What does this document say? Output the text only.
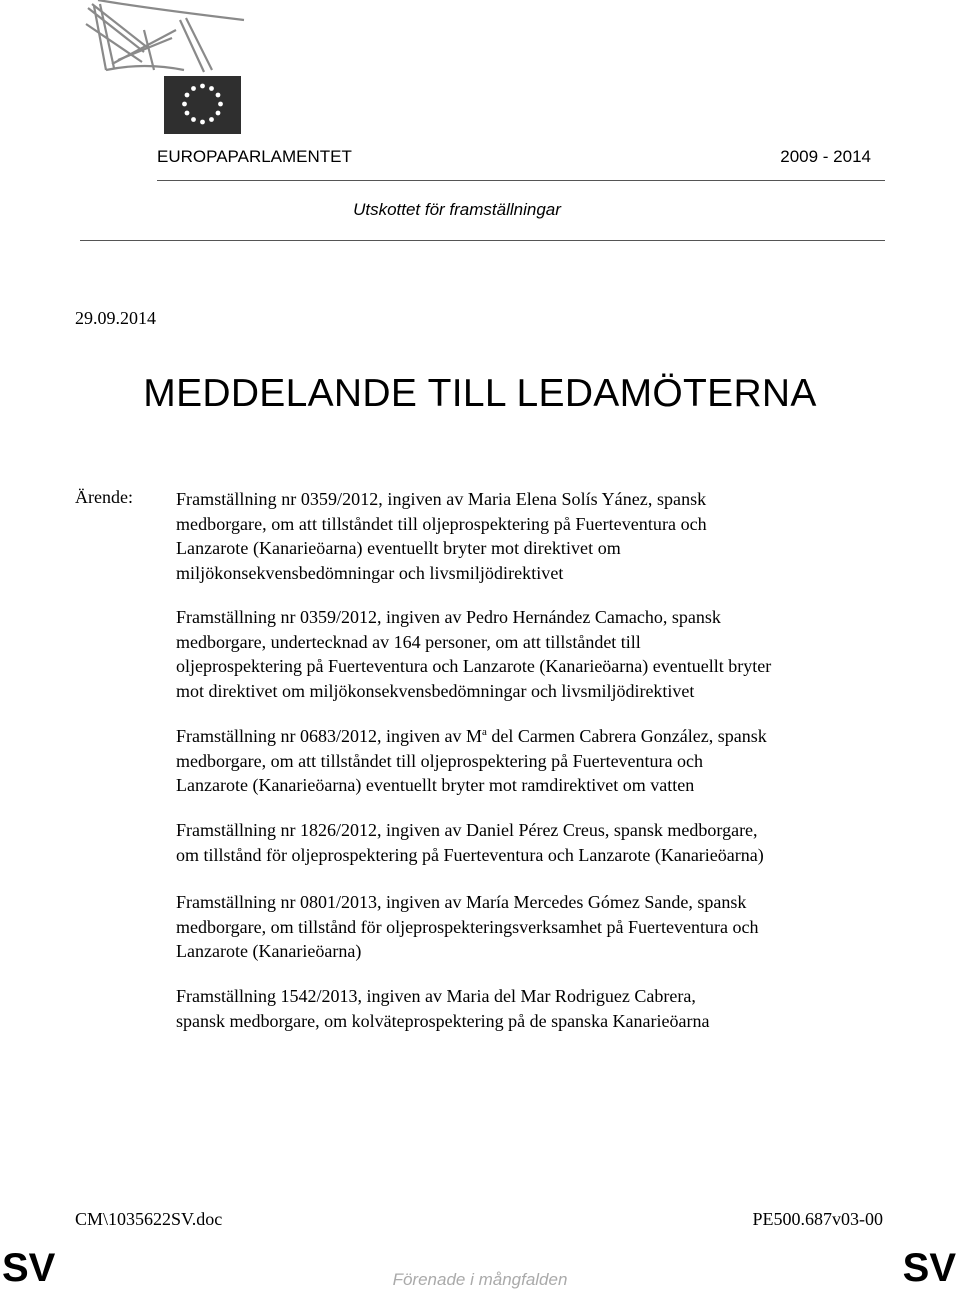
EUROPAPARLAMENTET	2009 - 2014
Utskottet för framställningar
29.09.2014
MEDDELANDE TILL LEDAMÖTERNA
Ärende: Framställning nr 0359/2012, ingiven av Maria Elena Solís Yánez, spansk
medborgare, om att tillståndet till oljeprospektering på Fuerteventura och
Lanzarote (Kanarieöarna) eventuellt bryter mot direktivet om
miljökonsekvensbedömningar och livsmiljödirektivet

Framställning nr 0359/2012, ingiven av Pedro Hernández Camacho, spansk
medborgare, undertecknad av 164 personer, om att tillståndet till
oljeprospektering på Fuerteventura och Lanzarote (Kanarieöarna) eventuellt bryter
mot direktivet om miljökonsekvensbedömningar och livsmiljödirektivet

Framställning nr 0683/2012, ingiven av $M^a$ del Carmen Cabrera González, spansk
medborgare, om att tillståndet till oljeprospektering på Fuerteventura och
Lanzarote (Kanarieöarna) eventuellt bryter mot ramdirektivet om vatten

Framställning nr 1826/2012, ingiven av Daniel Pérez Creus, spansk medborgare,
om tillstånd för oljeprospektering på Fuerteventura och Lanzarote (Kanarieöarna)

Framställning nr 0801/2013, ingiven av María Mercedes Gómez Sande, spansk
medborgare, om tillstånd för oljeprospekteringsverksamhet på Fuerteventura och
Lanzarote (Kanarieöarna)

Framställning 1542/2013, ingiven av Maria del Mar Rodriguez Cabrera,
spansk medborgare, om kolväteprospektering på de spanska Kanarieöarna

CM\1035622SV.doc	PE500.687v03-00
SV	Förenade i mångfalden	SV
